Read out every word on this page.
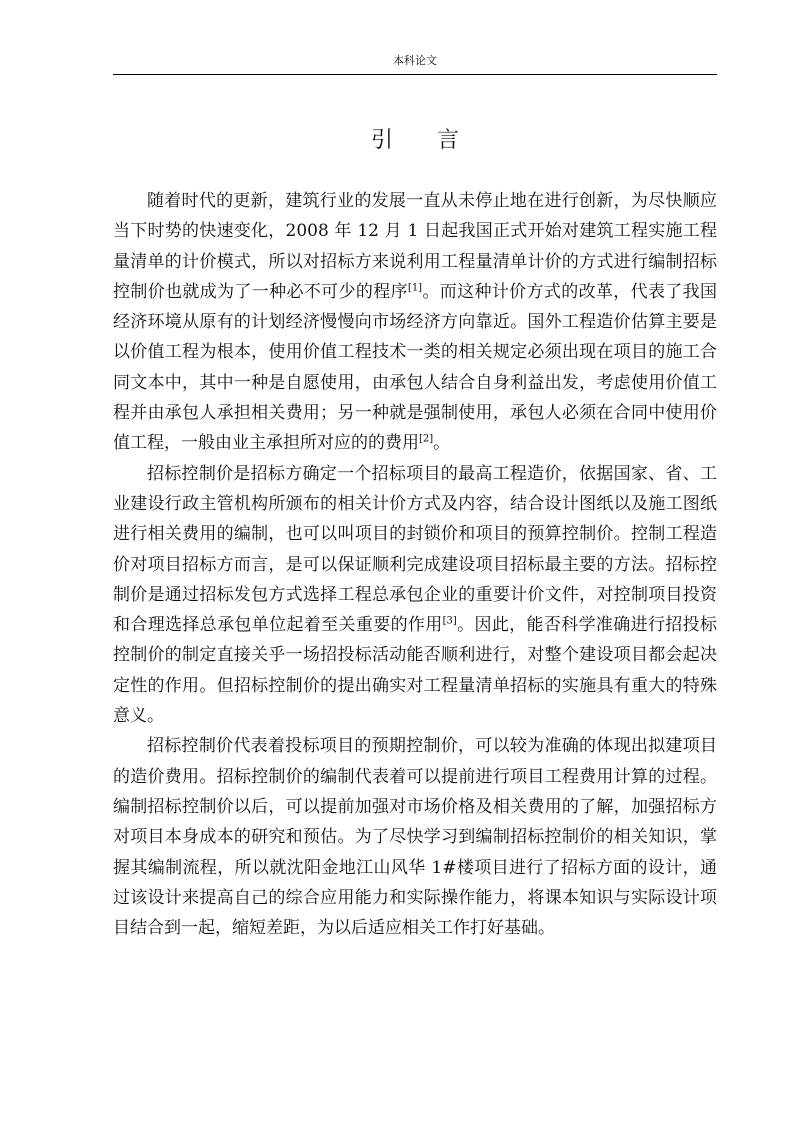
本科论文
引言

随着时代的更新，建筑行业的发展一直从未停止地在进行创新，为尽快顺应当下时势的快速变化，2008 年 12 月 1 日起我国正式开始对建筑工程实施工程量清单的计价模式，所以对招标方来说利用工程量清单计价的方式进行编制招标控制价也就成为了一种必不可少的程序[1]。而这种计价方式的改革，代表了我国经济环境从原有的计划经济慢慢向市场经济方向靠近。国外工程造价估算主要是以价值工程为根本，使用价值工程技术一类的相关规定必须出现在项目的施工合同文本中，其中一种是自愿使用，由承包人结合自身利益出发，考虑使用价值工程并由承包人承担相关费用；另一种就是强制使用，承包人必须在合同中使用价值工程，一般由业主承担所对应的的费用[2]。

招标控制价是招标方确定一个招标项目的最高工程造价，依据国家、省、工业建设行政主管机构所颁布的相关计价方式及内容，结合设计图纸以及施工图纸进行相关费用的编制，也可以叫项目的封锁价和项目的预算控制价。控制工程造价对项目招标方而言，是可以保证顺利完成建设项目招标最主要的方法。招标控制价是通过招标发包方式选择工程总承包企业的重要计价文件，对控制项目投资和合理选择总承包单位起着至关重要的作用[3]。因此，能否科学准确进行招投标控制价的制定直接关乎一场招投标活动能否顺利进行，对整个建设项目都会起决定性的作用。但招标控制价的提出确实对工程量清单招标的实施具有重大的特殊意义。

招标控制价代表着投标项目的预期控制价，可以较为准确的体现出拟建项目的造价费用。招标控制价的编制代表着可以提前进行项目工程费用计算的过程。编制招标控制价以后，可以提前加强对市场价格及相关费用的了解，加强招标方对项目本身成本的研究和预估。为了尽快学习到编制招标控制价的相关知识，掌握其编制流程，所以就沈阳金地江山风华 1#楼项目进行了招标方面的设计，通过该设计来提高自己的综合应用能力和实际操作能力，将课本知识与实际设计项目结合到一起，缩短差距，为以后适应相关工作打好基础。
